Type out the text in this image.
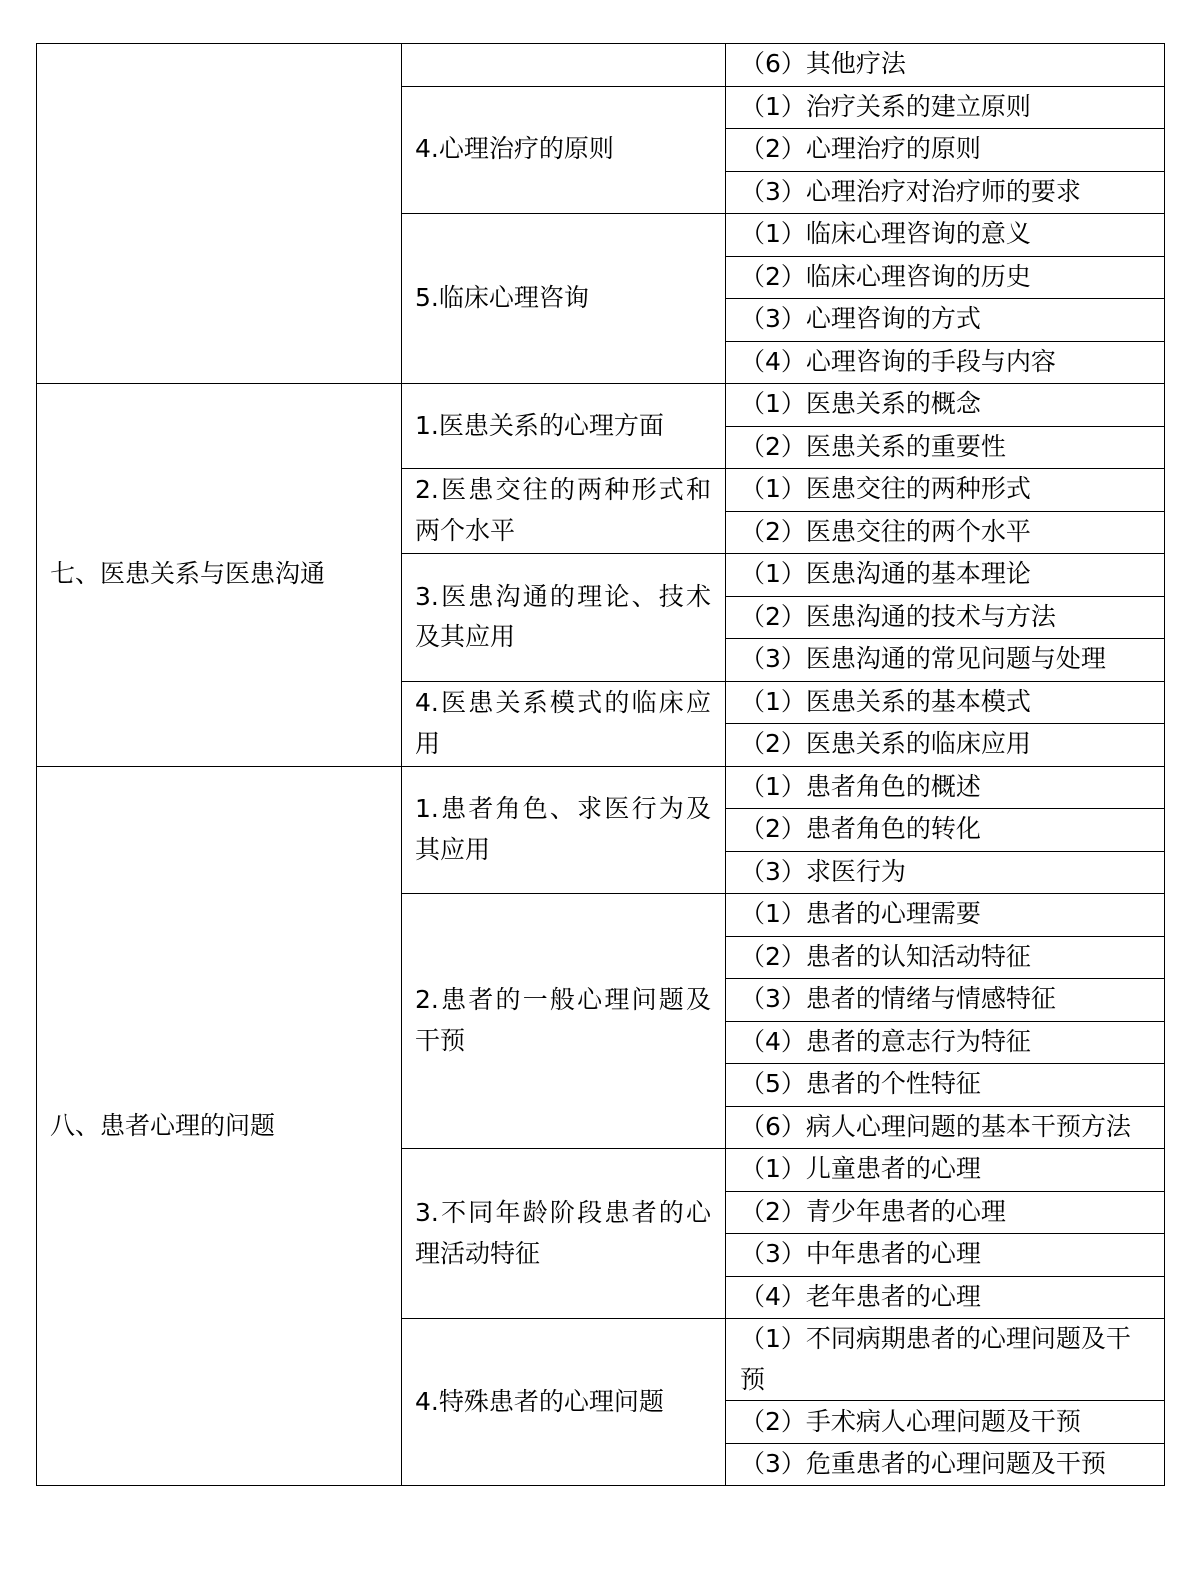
		（6）其他疗法
	4.心理治疗的原则	（1）治疗关系的建立原则
		（2）心理治疗的原则
		（3）心理治疗对治疗师的要求
	5.临床心理咨询	（1）临床心理咨询的意义
		（2）临床心理咨询的历史
		（3）心理咨询的方式
		（4）心理咨询的手段与内容
七、医患关系与医患沟通	1.医患关系的心理方面	（1）医患关系的概念
		（2）医患关系的重要性
	2.医患交往的两种形式和两个水平	（1）医患交往的两种形式
		（2）医患交往的两个水平
	3.医患沟通的理论、技术及其应用	（1）医患沟通的基本理论
		（2）医患沟通的技术与方法
		（3）医患沟通的常见问题与处理
	4.医患关系模式的临床应用	（1）医患关系的基本模式
		（2）医患关系的临床应用
八、患者心理的问题	1.患者角色、求医行为及其应用	（1）患者角色的概述
		（2）患者角色的转化
		（3）求医行为
	2.患者的一般心理问题及干预	（1）患者的心理需要
		（2）患者的认知活动特征
		（3）患者的情绪与情感特征
		（4）患者的意志行为特征
		（5）患者的个性特征
		（6）病人心理问题的基本干预方法
	3.不同年龄阶段患者的心理活动特征	（1）儿童患者的心理
		（2）青少年患者的心理
		（3）中年患者的心理
		（4）老年患者的心理
	4.特殊患者的心理问题	（1）不同病期患者的心理问题及干预
		（2）手术病人心理问题及干预
		（3）危重患者的心理问题及干预
